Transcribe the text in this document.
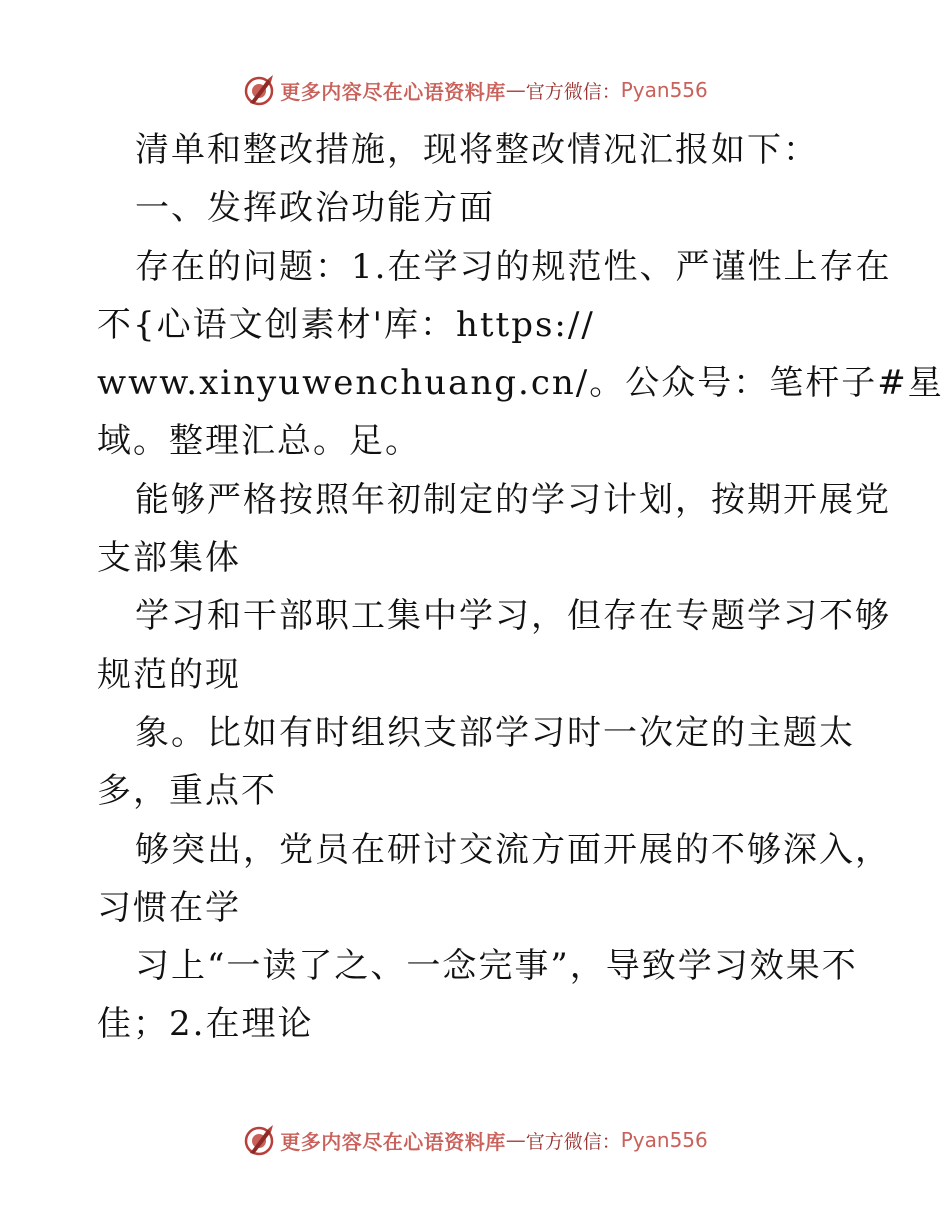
更多内容尽在心语资料库 — 官方微信： Pyan556
清单和整改措施，现将整改情况汇报如下：
一、发挥政治功能方面
存在的问题：1.在学习的规范性、严谨性上存在
不{心语文创素材'库：https://
www.xinyuwenchuang.cn/。公众号：笔杆子#星
域。整理汇总。足。
能够严格按照年初制定的学习计划，按期开展党
支部集体
学习和干部职工集中学习，但存在专题学习不够
规范的现
象。比如有时组织支部学习时一次定的主题太
多，重点不
够突出，党员在研讨交流方面开展的不够深入，
习惯在学
习上“一读了之、一念完事”，导致学习效果不
佳；2.在理论
更多内容尽在心语资料库 — 官方微信： Pyan556
